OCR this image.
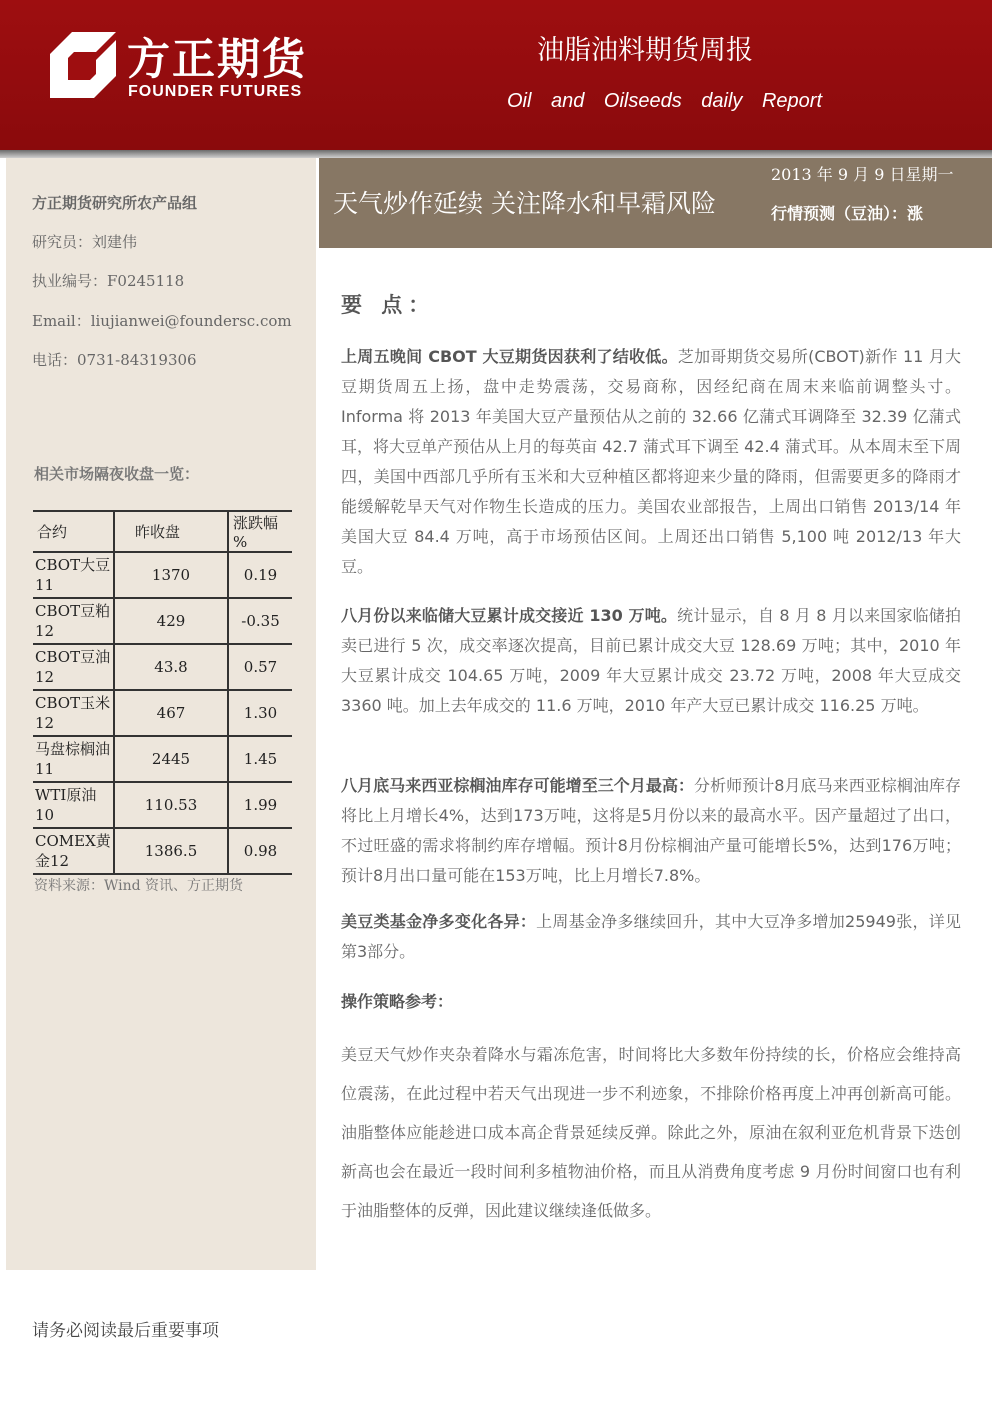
方正期货
FOUNDER FUTURES
油脂油料期货周报
Oil and Oilseeds daily Report
方正期货研究所农产品组
研究员：刘建伟
执业编号：F0245118
Email：liujianwei@foundersc.com
电话：0731-84319306
相关市场隔夜收盘一览：
合约	昨收盘	涨跌幅 %
CBOT大豆11	1370	0.19
CBOT豆粕12	429	-0.35
CBOT豆油12	43.8	0.57
CBOT玉米12	467	1.30
马盘棕榈油11	2445	1.45
WTI原油10	110.53	1.99
COMEX黄金12	1386.5	0.98
资料来源：Wind 资讯、方正期货
天气炒作延续 关注降水和早霜风险
2013 年 9 月 9 日星期一
行情预测（豆油）：涨
要 点：

上周五晚间 CBOT 大豆期货因获利了结收低。芝加哥期货交易所(CBOT)新作 11 月大豆期货周五上扬，盘中走势震荡，交易商称，因经纪商在周末来临前调整头寸。Informa 将 2013 年美国大豆产量预估从之前的 32.66 亿蒲式耳调降至 32.39 亿蒲式耳，将大豆单产预估从上月的每英亩 42.7 蒲式耳下调至 42.4 蒲式耳。从本周末至下周四，美国中西部几乎所有玉米和大豆种植区都将迎来少量的降雨，但需要更多的降雨才能缓解乾旱天气对作物生长造成的压力。美国农业部报告，上周出口销售 2013/14 年美国大豆 84.4 万吨，高于市场预估区间。上周还出口销售 5,100 吨 2012/13 年大豆。

八月份以来临储大豆累计成交接近 130 万吨。统计显示，自 8 月 8 月以来国家临储拍卖已进行 5 次，成交率逐次提高，目前已累计成交大豆 128.69 万吨；其中，2010 年大豆累计成交 104.65 万吨，2009 年大豆累计成交 23.72 万吨，2008 年大豆成交 3360 吨。加上去年成交的 11.6 万吨，2010 年产大豆已累计成交 116.25 万吨。

八月底马来西亚棕榈油库存可能增至三个月最高：分析师预计8月底马来西亚棕榈油库存将比上月增长4%，达到173万吨，这将是5月份以来的最高水平。因产量超过了出口，不过旺盛的需求将制约库存增幅。预计8月份棕榈油产量可能增长5%，达到176万吨；预计8月出口量可能在153万吨，比上月增长7.8%。

美豆类基金净多变化各异：上周基金净多继续回升，其中大豆净多增加25949张，详见第3部分。

操作策略参考：

美豆天气炒作夹杂着降水与霜冻危害，时间将比大多数年份持续的长，价格应会维持高位震荡，在此过程中若天气出现进一步不利迹象，不排除价格再度上冲再创新高可能。油脂整体应能趁进口成本高企背景延续反弹。除此之外，原油在叙利亚危机背景下迭创新高也会在最近一段时间利多植物油价格，而且从消费角度考虑 9 月份时间窗口也有利于油脂整体的反弹，因此建议继续逢低做多。

请务必阅读最后重要事项
